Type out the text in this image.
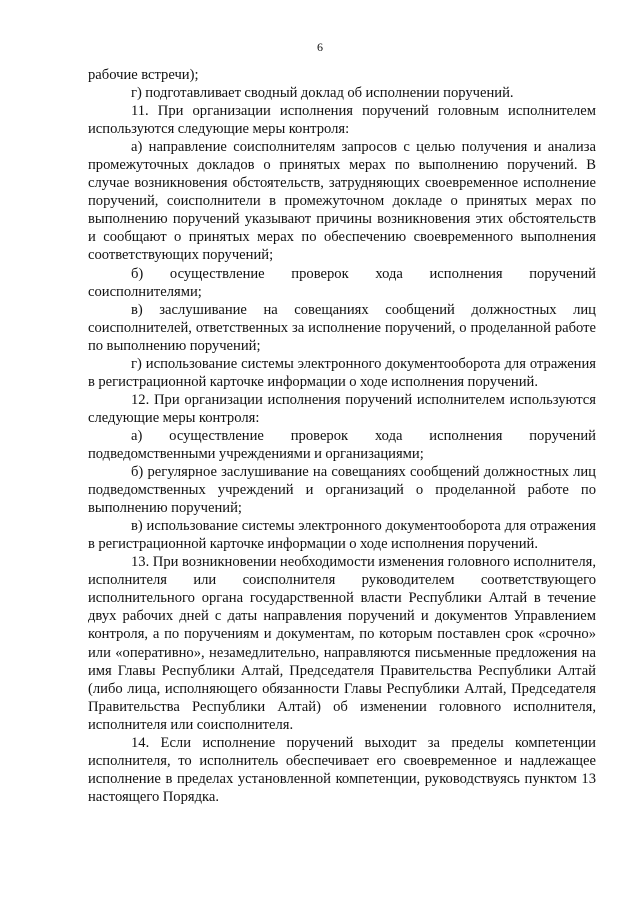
6

рабочие встречи);

г) подготавливает сводный доклад об исполнении поручений.

11. При организации исполнения поручений головным исполнителем используются следующие меры контроля:

а) направление соисполнителям запросов с целью получения и анализа промежуточных докладов о принятых мерах по выполнению поручений. В случае возникновения обстоятельств, затрудняющих своевременное исполнение поручений, соисполнители в промежуточном докладе о принятых мерах по выполнению поручений указывают причины возникновения этих обстоятельств и сообщают о принятых мерах по обеспечению своевременного выполнения соответствующих поручений;

б) осуществление проверок хода исполнения поручений соисполнителями;

в) заслушивание на совещаниях сообщений должностных лиц соисполнителей, ответственных за исполнение поручений, о проделанной работе по выполнению поручений;

г) использование системы электронного документооборота для отражения в регистрационной карточке информации о ходе исполнения поручений.

12. При организации исполнения поручений исполнителем используются следующие меры контроля:

а) осуществление проверок хода исполнения поручений подведомственными учреждениями и организациями;

б) регулярное заслушивание на совещаниях сообщений должностных лиц подведомственных учреждений и организаций о проделанной работе по выполнению поручений;

в) использование системы электронного документооборота для отражения в регистрационной карточке информации о ходе исполнения поручений.

13. При возникновении необходимости изменения головного исполнителя, исполнителя или соисполнителя руководителем соответствующего исполнительного органа государственной власти Республики Алтай в течение двух рабочих дней с даты направления поручений и документов Управлением контроля, а по поручениям и документам, по которым поставлен срок «срочно» или «оперативно», незамедлительно, направляются письменные предложения на имя Главы Республики Алтай, Председателя Правительства Республики Алтай (либо лица, исполняющего обязанности Главы Республики Алтай, Председателя Правительства Республики Алтай) об изменении головного исполнителя, исполнителя или соисполнителя.

14. Если исполнение поручений выходит за пределы компетенции исполнителя, то исполнитель обеспечивает его своевременное и надлежащее исполнение в пределах установленной компетенции, руководствуясь пунктом 13 настоящего Порядка.
